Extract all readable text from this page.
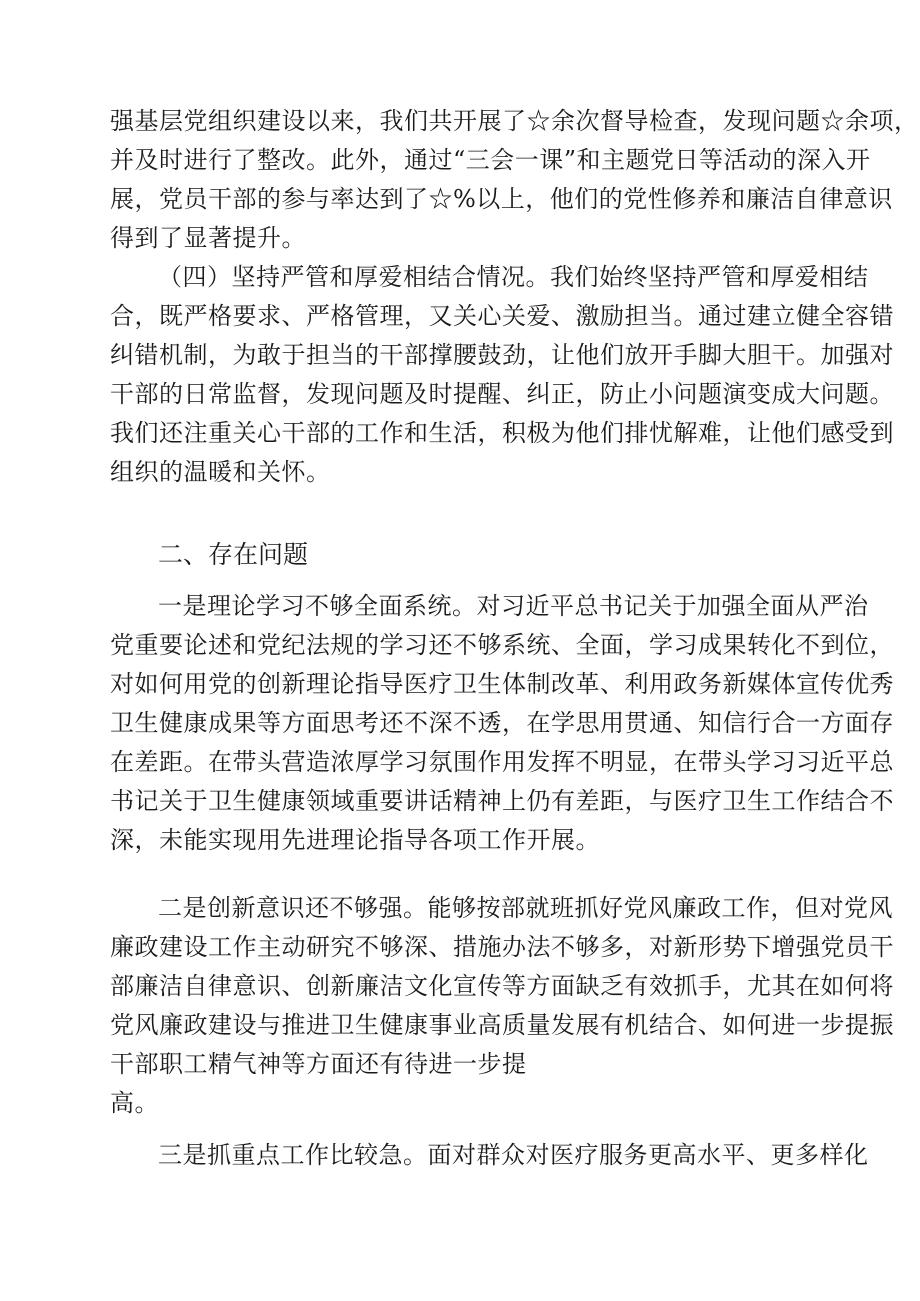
强基层党组织建设以来，我们共开展了☆余次督导检查，发现问题☆余项，
并及时进行了整改。此外，通过“三会一课”和主题党日等活动的深入开
展，党员干部的参与率达到了☆%以上，他们的党性修养和廉洁自律意识
得到了显著提升。
（四）坚持严管和厚爱相结合情况。我们始终坚持严管和厚爱相结
合，既严格要求、严格管理，又关心关爱、激励担当。通过建立健全容错
纠错机制，为敢于担当的干部撑腰鼓劲，让他们放开手脚大胆干。加强对
干部的日常监督，发现问题及时提醒、纠正，防止小问题演变成大问题。
我们还注重关心干部的工作和生活，积极为他们排忧解难，让他们感受到
组织的温暖和关怀。
二、存在问题
一是理论学习不够全面系统。对习近平总书记关于加强全面从严治
党重要论述和党纪法规的学习还不够系统、全面，学习成果转化不到位，
对如何用党的创新理论指导医疗卫生体制改革、利用政务新媒体宣传优秀
卫生健康成果等方面思考还不深不透，在学思用贯通、知信行合一方面存
在差距。在带头营造浓厚学习氛围作用发挥不明显，在带头学习习近平总
书记关于卫生健康领域重要讲话精神上仍有差距，与医疗卫生工作结合不
深，未能实现用先进理论指导各项工作开展。
二是创新意识还不够强。能够按部就班抓好党风廉政工作，但对党风
廉政建设工作主动研究不够深、措施办法不够多，对新形势下增强党员干
部廉洁自律意识、创新廉洁文化宣传等方面缺乏有效抓手，尤其在如何将
党风廉政建设与推进卫生健康事业高质量发展有机结合、如何进一步提振
干部职工精气神等方面还有待进一步提
高。
三是抓重点工作比较急。面对群众对医疗服务更高水平、更多样化
